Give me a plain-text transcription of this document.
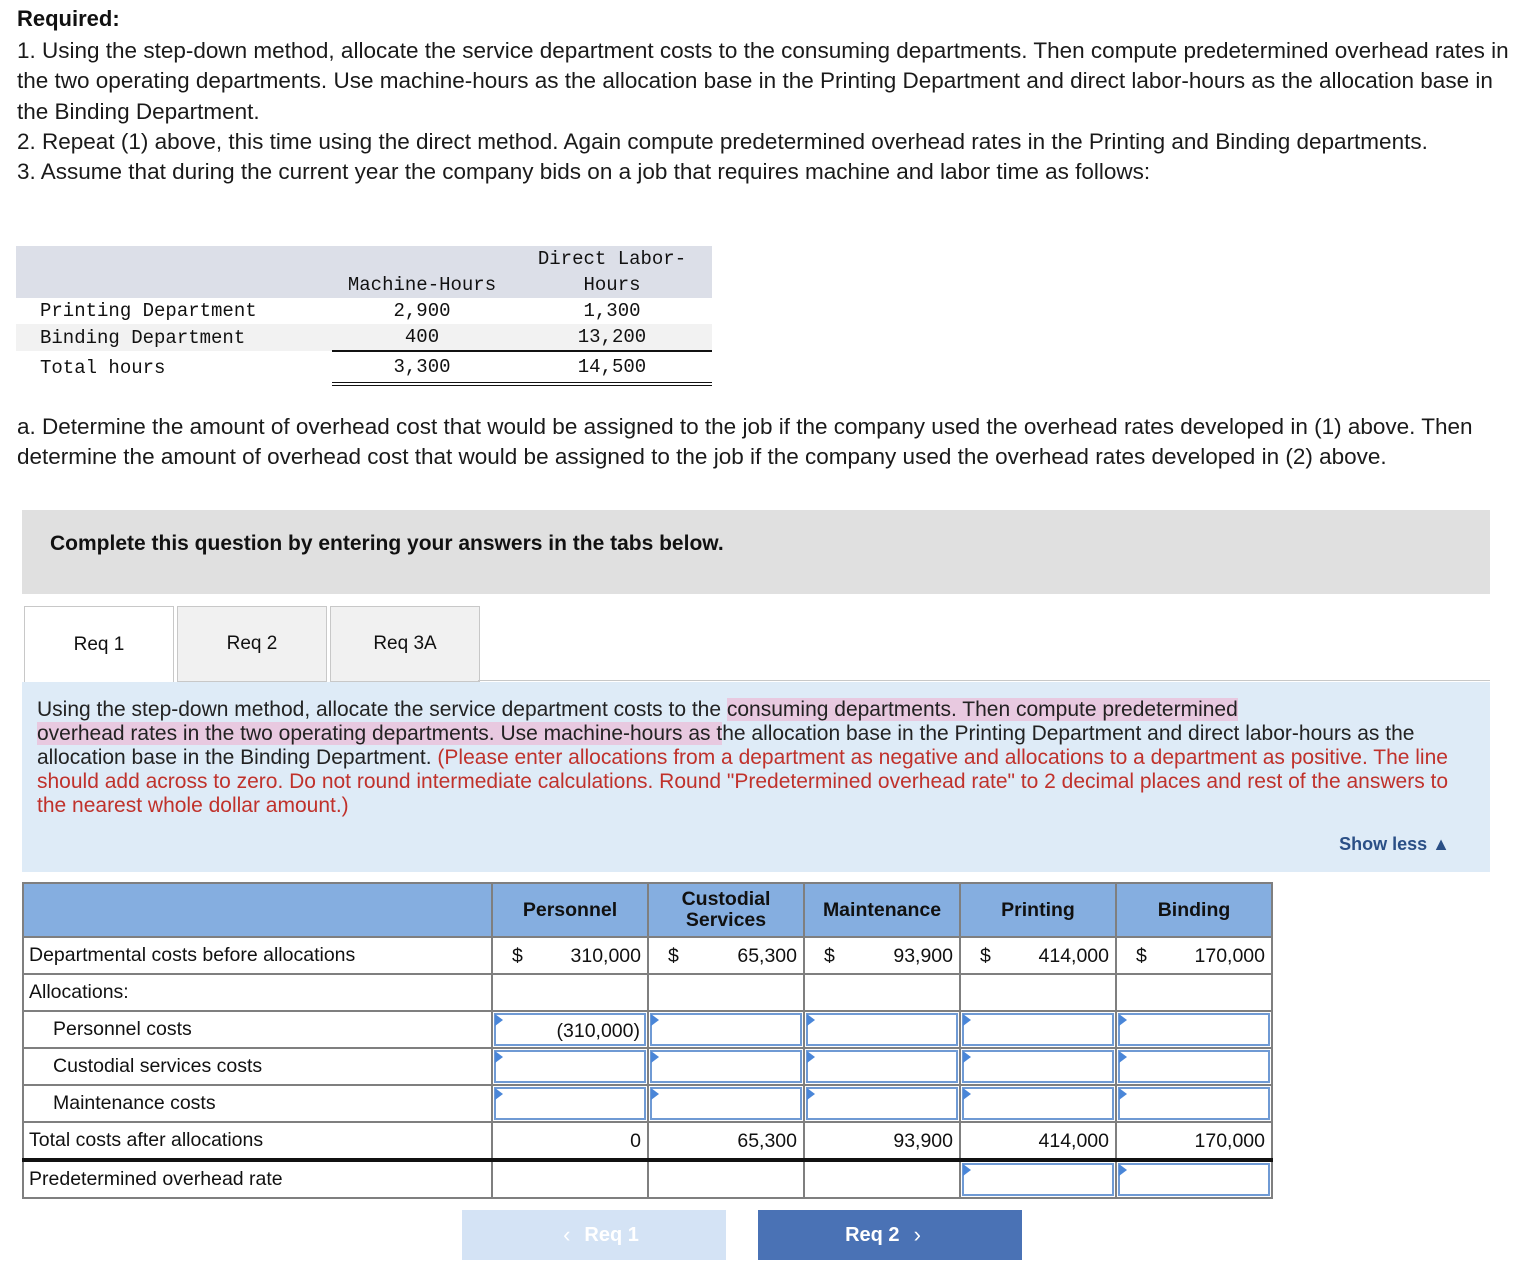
Required:

1. Using the step-down method, allocate the service department costs to the consuming departments. Then compute predetermined overhead rates in the two operating departments. Use machine-hours as the allocation base in the Printing Department and direct labor-hours as the allocation base in the Binding Department.

2. Repeat (1) above, this time using the direct method. Again compute predetermined overhead rates in the Printing and Binding departments.

3. Assume that during the current year the company bids on a job that requires machine and labor time as follows:

		Direct Labor-
	Machine-Hours	Hours
Printing Department	2,900	1,300
Binding Department	400	13,200
Total hours	3,300	14,500

a. Determine the amount of overhead cost that would be assigned to the job if the company used the overhead rates developed in (1) above. Then determine the amount of overhead cost that would be assigned to the job if the company used the overhead rates developed in (2) above.

Complete this question by entering your answers in the tabs below.
Req 1	Req 2	Req 3A
Using the step-down method, allocate the service department costs to the consuming departments. Then compute predetermined
overhead rates in the two operating departments. Use machine-hours as the allocation base in the Printing Department and direct labor-hours as the allocation base in the Binding Department. (Please enter allocations from a department as negative and allocations to a department as positive. The line should add across to zero. Do not round intermediate calculations. Round "Predetermined overhead rate" to 2 decimal places and rest of the answers to the nearest whole dollar amount.)
Show less ▲
	Personnel	Custodial
Services	Maintenance	Printing	Binding
Departmental costs before allocations	$ 310,000	$ 65,300	$ 93,900	$ 414,000	$ 170,000

Allocations:					
Personnel costs	(310,000)				

Custodial services costs	

Maintenance costs	

Total costs after allocations	0	65,300	93,900	414,000	170,000

Predetermined overhead rate				

‹ Req 1	Req 2 ›
